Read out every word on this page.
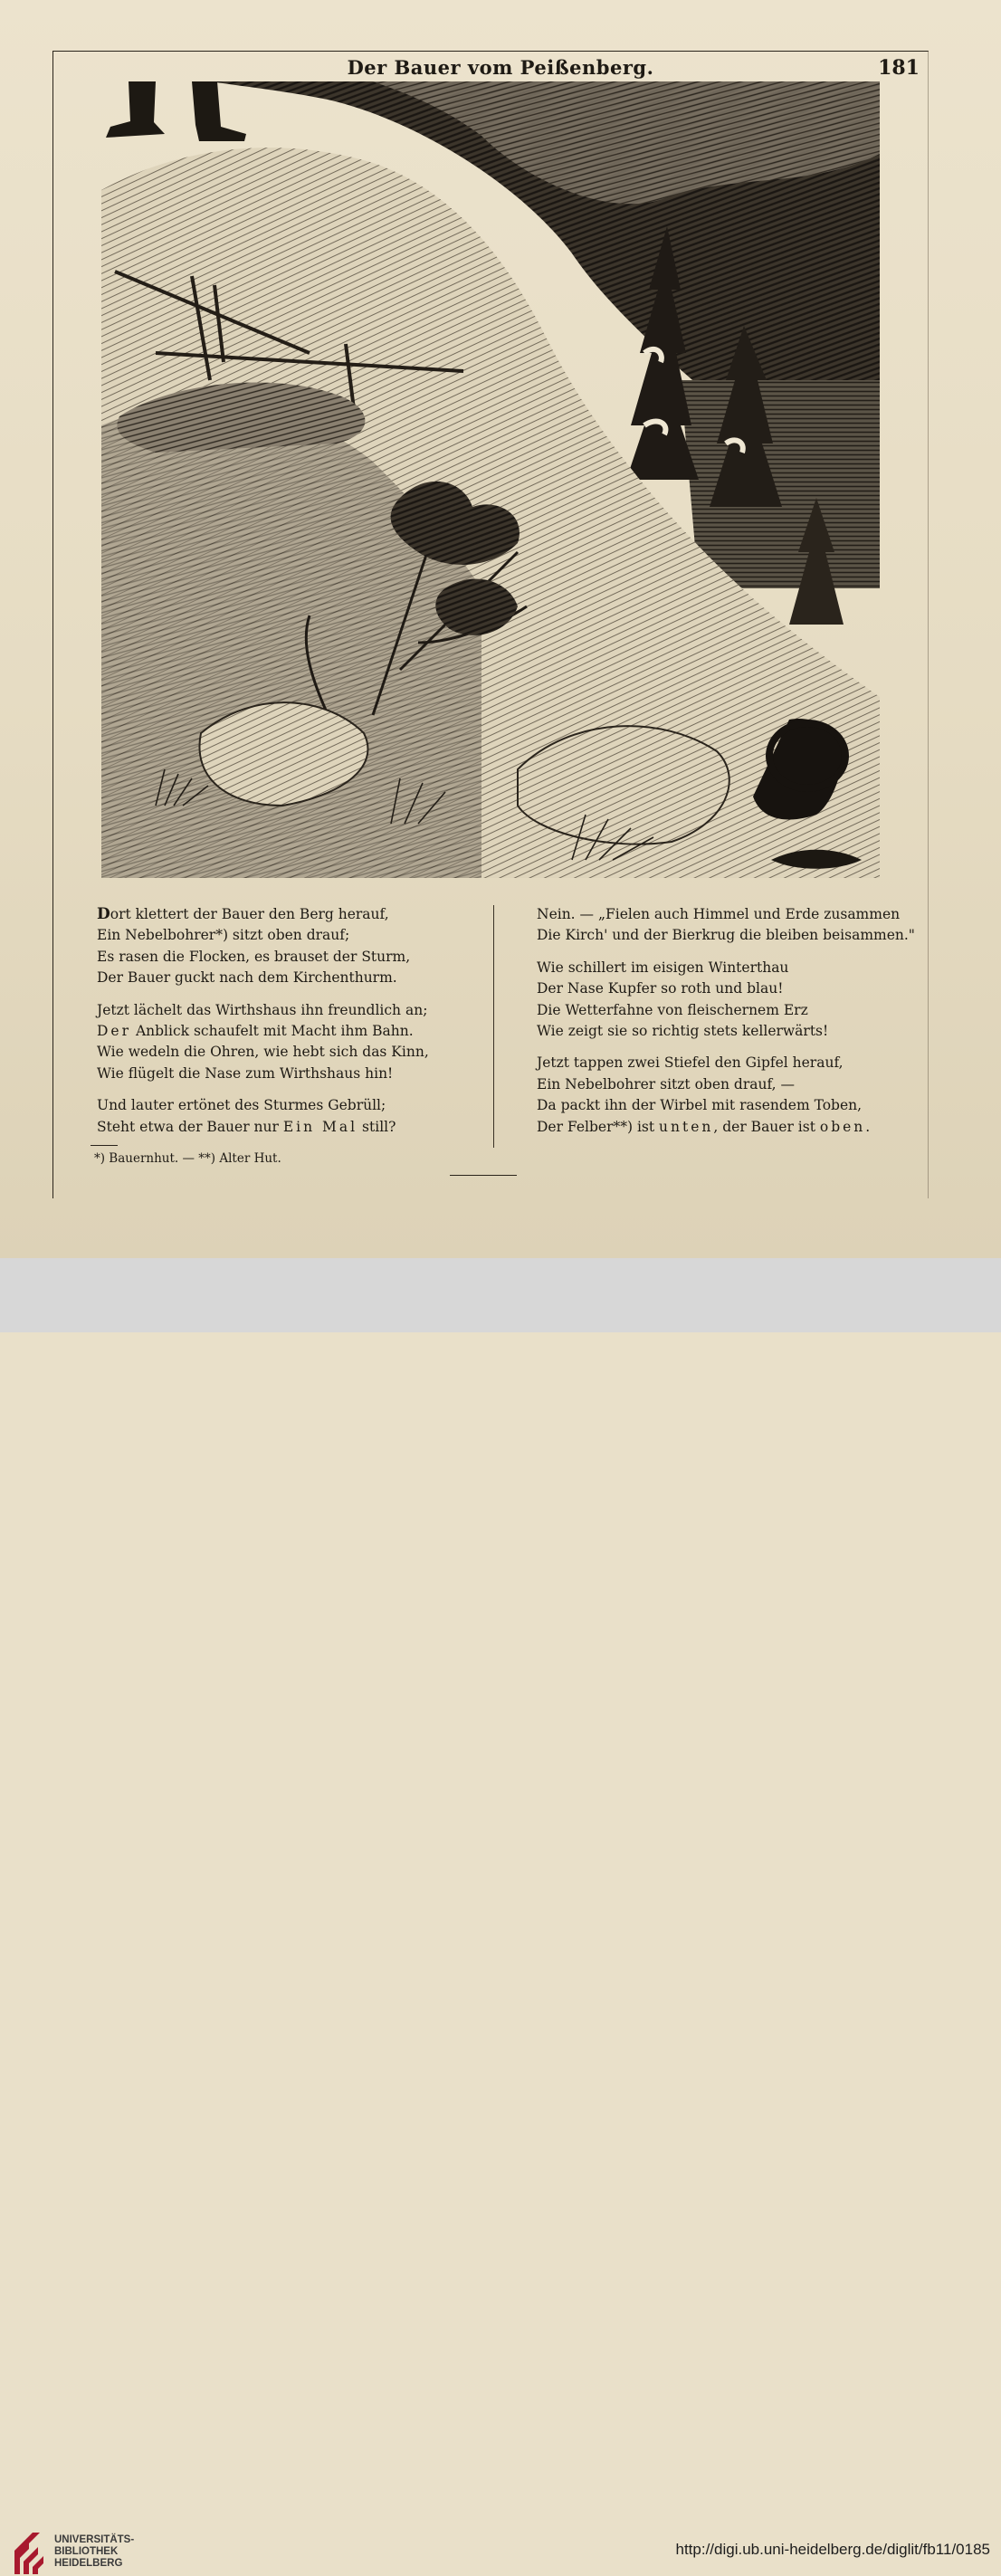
Der Bauer vom Peißenberg.	181
Dort klettert der Bauer den Berg herauf,
Ein Nebelbohrer*) sitzt oben drauf;
Es rasen die Flocken, es brauset der Sturm,
Der Bauer guckt nach dem Kirchenthurm.
Jetzt lächelt das Wirthshaus ihn freundlich an;
Der Anblick schaufelt mit Macht ihm Bahn.
Wie wedeln die Ohren, wie hebt sich das Kinn,
Wie flügelt die Nase zum Wirthshaus hin!
Und lauter ertönet des Sturmes Gebrüll;
Steht etwa der Bauer nur Ein Mal still?
Nein. — „Fielen auch Himmel und Erde zusammen
Die Kirch' und der Bierkrug die bleiben beisammen."
Wie schillert im eisigen Winterthau
Der Nase Kupfer so roth und blau!
Die Wetterfahne von fleischernem Erz
Wie zeigt sie so richtig stets kellerwärts!
Jetzt tappen zwei Stiefel den Gipfel herauf,
Ein Nebelbohrer sitzt oben drauf, —
Da packt ihn der Wirbel mit rasendem Toben,
Der Felber**) ist unten, der Bauer ist oben.
*) Bauernhut. — **) Alter Hut.
UNIVERSITÄTS-
BIBLIOTHEK
HEIDELBERG
http://digi.ub.uni-heidelberg.de/diglit/fb11/0185
